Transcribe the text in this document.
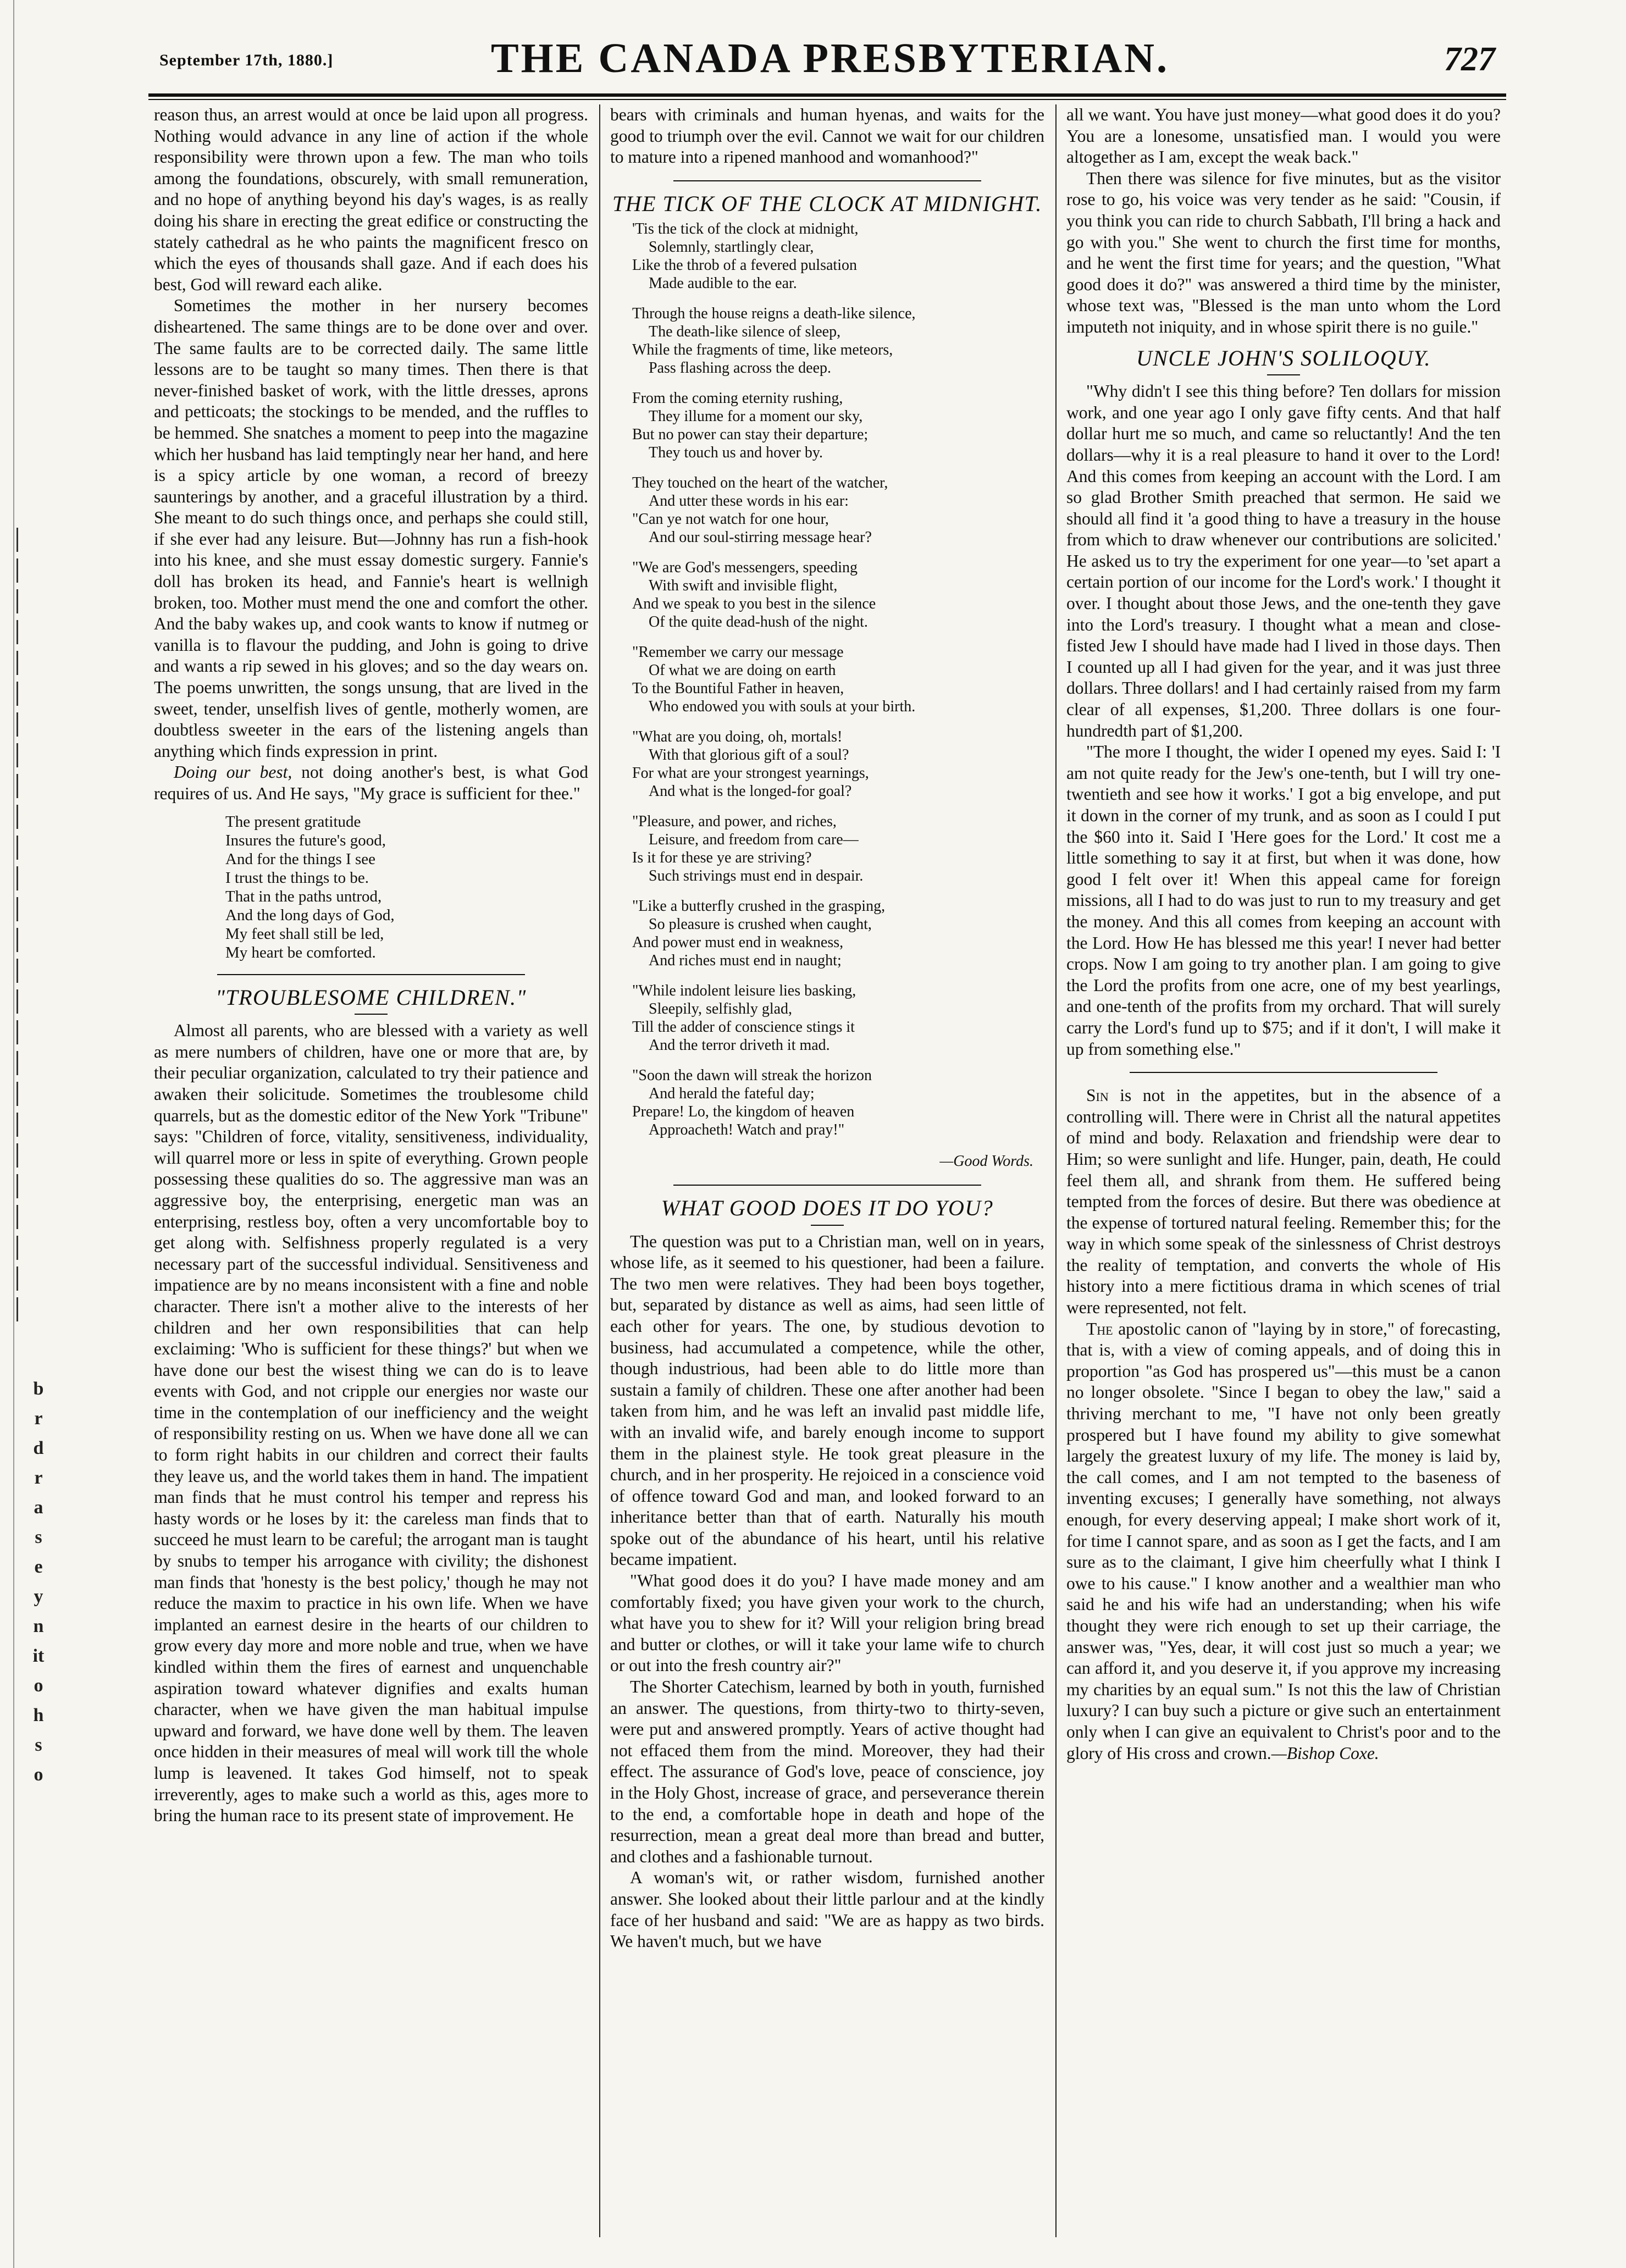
September 17th, 1880.]	THE CANADA PRESBYTERIAN.	727

reason thus, an arrest would at once be laid upon all progress. Nothing would advance in any line of action if the whole responsibility were thrown upon a few. The man who toils among the foundations, obscurely, with small remuneration, and no hope of anything beyond his day's wages, is as really doing his share in erecting the great edifice or constructing the stately cathedral as he who paints the magnificent fresco on which the eyes of thousands shall gaze. And if each does his best, God will reward each alike.

Sometimes the mother in her nursery becomes disheartened. The same things are to be done over and over. The same faults are to be corrected daily. The same little lessons are to be taught so many times. Then there is that never-finished basket of work, with the little dresses, aprons and petticoats; the stockings to be mended, and the ruffles to be hemmed. She snatches a moment to peep into the magazine which her husband has laid temptingly near her hand, and here is a spicy article by one woman, a record of breezy saunterings by another, and a graceful illustration by a third. She meant to do such things once, and perhaps she could still, if she ever had any leisure. But—Johnny has run a fish-hook into his knee, and she must essay domestic surgery. Fannie's doll has broken its head, and Fannie's heart is wellnigh broken, too. Mother must mend the one and comfort the other. And the baby wakes up, and cook wants to know if nutmeg or vanilla is to flavour the pudding, and John is going to drive and wants a rip sewed in his gloves; and so the day wears on. The poems unwritten, the songs unsung, that are lived in the sweet, tender, unselfish lives of gentle, motherly women, are doubtless sweeter in the ears of the listening angels than anything which finds expression in print.

Doing our best, not doing another's best, is what God requires of us. And He says, "My grace is sufficient for thee."

The present gratitude
Insures the future's good,
And for the things I see
I trust the things to be.
That in the paths untrod,
And the long days of God,
My feet shall still be led,
My heart be comforted.
"TROUBLESOME CHILDREN."

Almost all parents, who are blessed with a variety as well as mere numbers of children, have one or more that are, by their peculiar organization, calculated to try their patience and awaken their solicitude. Sometimes the troublesome child quarrels, but as the domestic editor of the New York "Tribune" says: "Children of force, vitality, sensitiveness, individuality, will quarrel more or less in spite of everything. Grown people possessing these qualities do so. The aggressive man was an aggressive boy, the enterprising, energetic man was an enterprising, restless boy, often a very uncomfortable boy to get along with. Selfishness properly regulated is a very necessary part of the successful individual. Sensitiveness and impatience are by no means inconsistent with a fine and noble character. There isn't a mother alive to the interests of her children and her own responsibilities that can help exclaiming: 'Who is sufficient for these things?' but when we have done our best the wisest thing we can do is to leave events with God, and not cripple our energies nor waste our time in the contemplation of our inefficiency and the weight of responsibility resting on us. When we have done all we can to form right habits in our children and correct their faults they leave us, and the world takes them in hand. The impatient man finds that he must control his temper and repress his hasty words or he loses by it: the careless man finds that to succeed he must learn to be careful; the arrogant man is taught by snubs to temper his arrogance with civility; the dishonest man finds that 'honesty is the best policy,' though he may not reduce the maxim to practice in his own life. When we have implanted an earnest desire in the hearts of our children to grow every day more and more noble and true, when we have kindled within them the fires of earnest and unquenchable aspiration toward whatever dignifies and exalts human character, when we have given the man habitual impulse upward and forward, we have done well by them. The leaven once hidden in their measures of meal will work till the whole lump is leavened. It takes God himself, not to speak irreverently, ages to make such a world as this, ages more to bring the human race to its present state of improvement. He

bears with criminals and human hyenas, and waits for the good to triumph over the evil. Cannot we wait for our children to mature into a ripened manhood and womanhood?"

THE TICK OF THE CLOCK AT MIDNIGHT.
'Tis the tick of the clock at midnight,
Solemnly, startlingly clear,
Like the throb of a fevered pulsation
Made audible to the ear.
Through the house reigns a death-like silence,
The death-like silence of sleep,
While the fragments of time, like meteors,
Pass flashing across the deep.
From the coming eternity rushing,
They illume for a moment our sky,
But no power can stay their departure;
They touch us and hover by.
They touched on the heart of the watcher,
And utter these words in his ear:
"Can ye not watch for one hour,
And our soul-stirring message hear?
"We are God's messengers, speeding
With swift and invisible flight,
And we speak to you best in the silence
Of the quite dead-hush of the night.
"Remember we carry our message
Of what we are doing on earth
To the Bountiful Father in heaven,
Who endowed you with souls at your birth.
"What are you doing, oh, mortals!
With that glorious gift of a soul?
For what are your strongest yearnings,
And what is the longed-for goal?
"Pleasure, and power, and riches,
Leisure, and freedom from care—
Is it for these ye are striving?
Such strivings must end in despair.
"Like a butterfly crushed in the grasping,
So pleasure is crushed when caught,
And power must end in weakness,
And riches must end in naught;
"While indolent leisure lies basking,
Sleepily, selfishly glad,
Till the adder of conscience stings it
And the terror driveth it mad.
"Soon the dawn will streak the horizon
And herald the fateful day;
Prepare! Lo, the kingdom of heaven
Approacheth! Watch and pray!"
—Good Words.
WHAT GOOD DOES IT DO YOU?

The question was put to a Christian man, well on in years, whose life, as it seemed to his questioner, had been a failure. The two men were relatives. They had been boys together, but, separated by distance as well as aims, had seen little of each other for years. The one, by studious devotion to business, had accumulated a competence, while the other, though industrious, had been able to do little more than sustain a family of children. These one after another had been taken from him, and he was left an invalid past middle life, with an invalid wife, and barely enough income to support them in the plainest style. He took great pleasure in the church, and in her prosperity. He rejoiced in a conscience void of offence toward God and man, and looked forward to an inheritance better than that of earth. Naturally his mouth spoke out of the abundance of his heart, until his relative became impatient.

"What good does it do you? I have made money and am comfortably fixed; you have given your work to the church, what have you to shew for it? Will your religion bring bread and butter or clothes, or will it take your lame wife to church or out into the fresh country air?"

The Shorter Catechism, learned by both in youth, furnished an answer. The questions, from thirty-two to thirty-seven, were put and answered promptly. Years of active thought had not effaced them from the mind. Moreover, they had their effect. The assurance of God's love, peace of conscience, joy in the Holy Ghost, increase of grace, and perseverance therein to the end, a comfortable hope in death and hope of the resurrection, mean a great deal more than bread and butter, and clothes and a fashionable turnout.

A woman's wit, or rather wisdom, furnished another answer. She looked about their little parlour and at the kindly face of her husband and said: "We are as happy as two birds. We haven't much, but we have

all we want. You have just money—what good does it do you? You are a lonesome, unsatisfied man. I would you were altogether as I am, except the weak back."

Then there was silence for five minutes, but as the visitor rose to go, his voice was very tender as he said: "Cousin, if you think you can ride to church Sabbath, I'll bring a hack and go with you." She went to church the first time for months, and he went the first time for years; and the question, "What good does it do?" was answered a third time by the minister, whose text was, "Blessed is the man unto whom the Lord imputeth not iniquity, and in whose spirit there is no guile."

UNCLE JOHN'S SOLILOQUY.

"Why didn't I see this thing before? Ten dollars for mission work, and one year ago I only gave fifty cents. And that half dollar hurt me so much, and came so reluctantly! And the ten dollars—why it is a real pleasure to hand it over to the Lord! And this comes from keeping an account with the Lord. I am so glad Brother Smith preached that sermon. He said we should all find it 'a good thing to have a treasury in the house from which to draw whenever our contributions are solicited.' He asked us to try the experiment for one year—to 'set apart a certain portion of our income for the Lord's work.' I thought it over. I thought about those Jews, and the one-tenth they gave into the Lord's treasury. I thought what a mean and close-fisted Jew I should have made had I lived in those days. Then I counted up all I had given for the year, and it was just three dollars. Three dollars! and I had certainly raised from my farm clear of all expenses, $1,200. Three dollars is one four-hundredth part of $1,200.

"The more I thought, the wider I opened my eyes. Said I: 'I am not quite ready for the Jew's one-tenth, but I will try one-twentieth and see how it works.' I got a big envelope, and put it down in the corner of my trunk, and as soon as I could I put the $60 into it. Said I 'Here goes for the Lord.' It cost me a little something to say it at first, but when it was done, how good I felt over it! When this appeal came for foreign missions, all I had to do was just to run to my treasury and get the money. And this all comes from keeping an account with the Lord. How He has blessed me this year! I never had better crops. Now I am going to try another plan. I am going to give the Lord the profits from one acre, one of my best yearlings, and one-tenth of the profits from my orchard. That will surely carry the Lord's fund up to $75; and if it don't, I will make it up from something else."

Sin is not in the appetites, but in the absence of a controlling will. There were in Christ all the natural appetites of mind and body. Relaxation and friendship were dear to Him; so were sunlight and life. Hunger, pain, death, He could feel them all, and shrank from them. He suffered being tempted from the forces of desire. But there was obedience at the expense of tortured natural feeling. Remember this; for the way in which some speak of the sinlessness of Christ destroys the reality of temptation, and converts the whole of His history into a mere fictitious drama in which scenes of trial were represented, not felt.

The apostolic canon of "laying by in store," of forecasting, that is, with a view of coming appeals, and of doing this in proportion "as God has prospered us"—this must be a canon no longer obsolete. "Since I began to obey the law," said a thriving merchant to me, "I have not only been greatly prospered but I have found my ability to give somewhat largely the greatest luxury of my life. The money is laid by, the call comes, and I am not tempted to the baseness of inventing excuses; I generally have something, not always enough, for every deserving appeal; I make short work of it, for time I cannot spare, and as soon as I get the facts, and I am sure as to the claimant, I give him cheerfully what I think I owe to his cause." I know another and a wealthier man who said he and his wife had an understanding; when his wife thought they were rich enough to set up their carriage, the answer was, "Yes, dear, it will cost just so much a year; we can afford it, and you deserve it, if you approve my increasing my charities by an equal sum." Is not this the law of Christian luxury? I can buy such a picture or give such an entertainment only when I can give an equivalent to Christ's poor and to the glory of His cross and crown.—Bishop Coxe.

b
r
d
r
a
s
e
y
n
it
o
h
s
o
